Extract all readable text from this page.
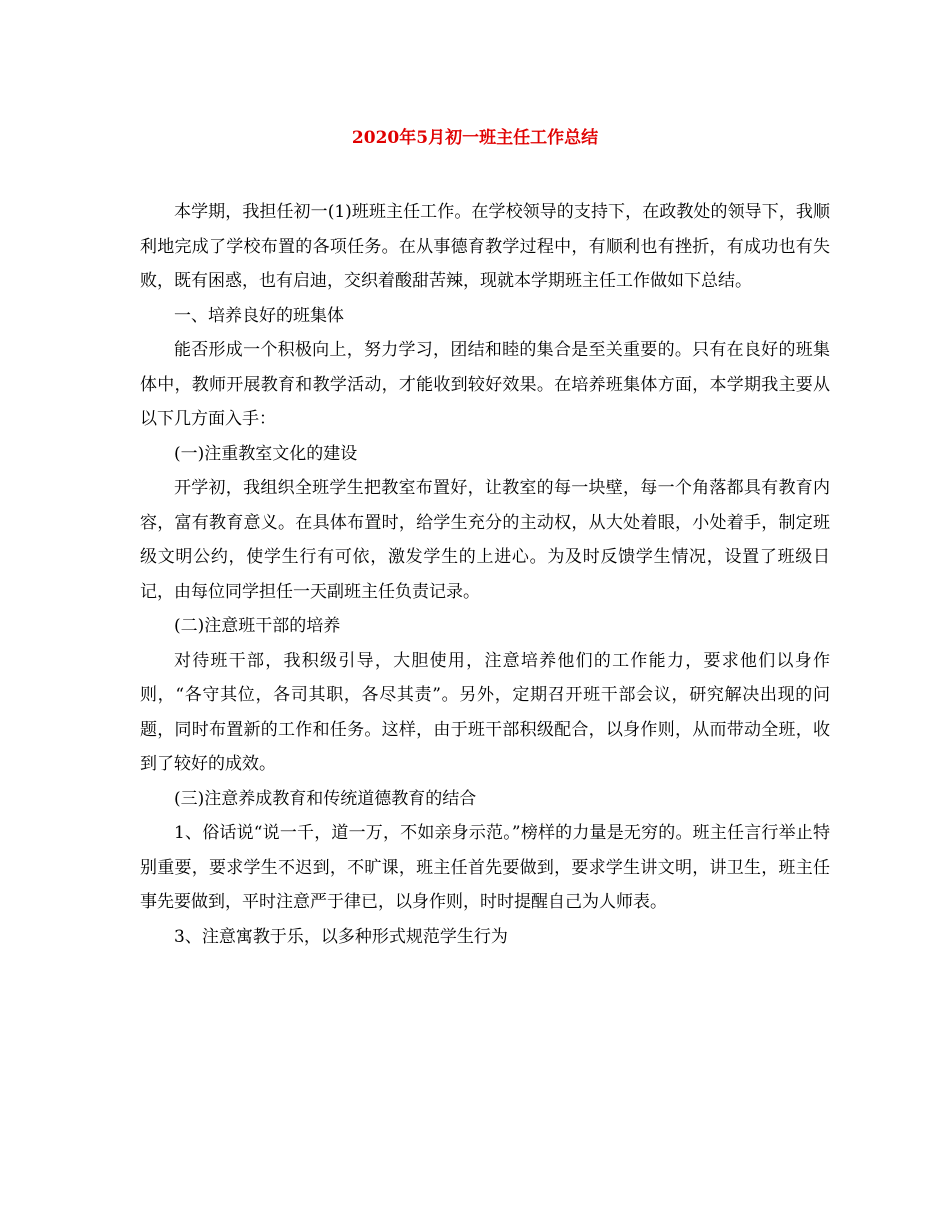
2020年5月初一班主任工作总结

本学期，我担任初一(1)班班主任工作。在学校领导的支持下，在政教处的领导下，我顺利地完成了学校布置的各项任务。在从事德育教学过程中，有顺利也有挫折，有成功也有失败，既有困惑，也有启迪，交织着酸甜苦辣，现就本学期班主任工作做如下总结。

一、培养良好的班集体

能否形成一个积极向上，努力学习，团结和睦的集合是至关重要的。只有在良好的班集体中，教师开展教育和教学活动，才能收到较好效果。在培养班集体方面，本学期我主要从以下几方面入手：

(一)注重教室文化的建设

开学初，我组织全班学生把教室布置好，让教室的每一块壁，每一个角落都具有教育内容，富有教育意义。在具体布置时，给学生充分的主动权，从大处着眼，小处着手，制定班级文明公约，使学生行有可依，激发学生的上进心。为及时反馈学生情况，设置了班级日记，由每位同学担任一天副班主任负责记录。

(二)注意班干部的培养

对待班干部，我积级引导，大胆使用，注意培养他们的工作能力，要求他们以身作则，“各守其位，各司其职，各尽其责”。另外，定期召开班干部会议，研究解决出现的问题，同时布置新的工作和任务。这样，由于班干部积级配合，以身作则，从而带动全班，收到了较好的成效。

(三)注意养成教育和传统道德教育的结合

1、俗话说“说一千，道一万，不如亲身示范。”榜样的力量是无穷的。班主任言行举止特别重要，要求学生不迟到，不旷课，班主任首先要做到，要求学生讲文明，讲卫生，班主任事先要做到，平时注意严于律已，以身作则，时时提醒自己为人师表。

3、注意寓教于乐，以多种形式规范学生行为
